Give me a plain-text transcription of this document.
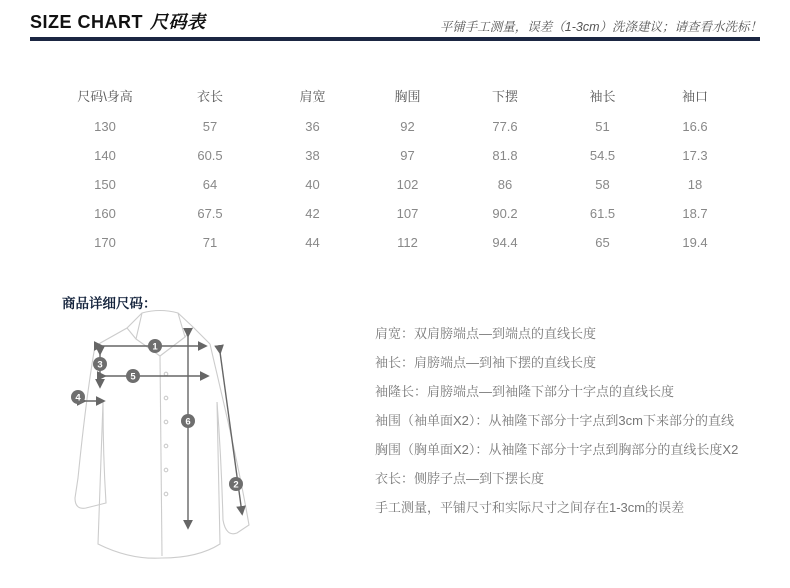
SIZE CHART 尺码表	平铺手工测量，误差（1-3cm）洗涤建议；请查看水洗标！
尺码\身高	衣长	肩宽	胸围	下摆	袖长	袖口
130	57	36	92	77.6	51	16.6
140	60.5	38	97	81.8	54.5	17.3
150	64	40	102	86	58	18
160	67.5	42	107	90.2	61.5	18.7
170	71	44	112	94.4	65	19.4
商品详细尺码：
1
2
3
4
5
6
肩宽：双肩膀端点—到端点的直线长度
袖长：肩膀端点—到袖下摆的直线长度
袖隆长：肩膀端点—到袖隆下部分十字点的直线长度
袖围（袖单面X2）：从袖隆下部分十字点到3cm下来部分的直线
胸围（胸单面X2）：从袖隆下部分十字点到胸部分的直线长度X2
衣长：侧脖子点—到下摆长度
手工测量，平铺尺寸和实际尺寸之间存在1-3cm的误差
